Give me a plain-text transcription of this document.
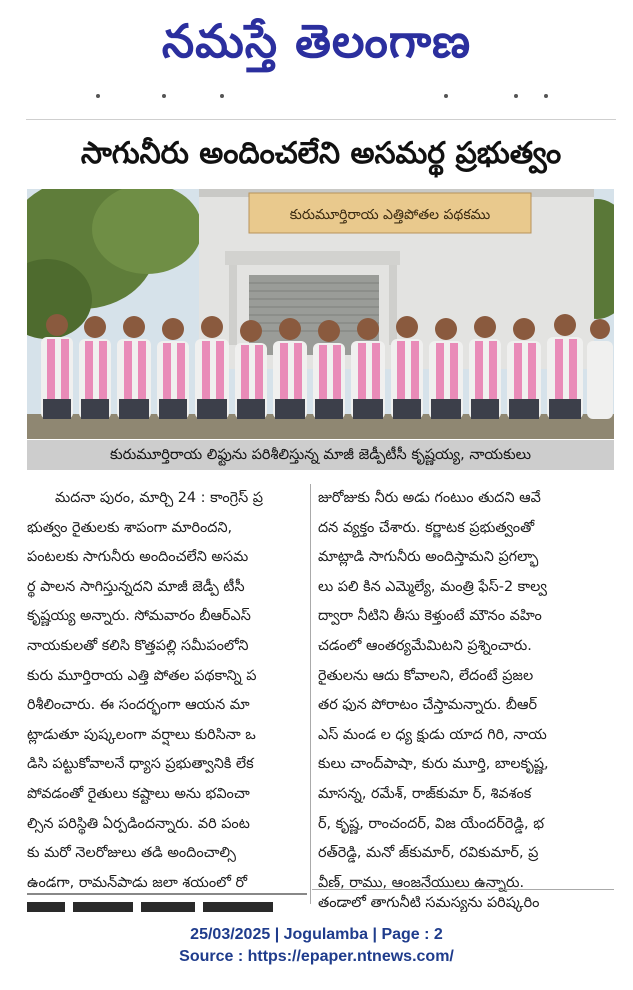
నమస్తే తెలంగాణ
సాగునీరు అందించలేని అసమర్థ ప్రభుత్వం
కురుమూర్తిరాయ ఎత్తిపోతల పథకము
కురుమూర్తిరాయ లిఫ్టును పరిశీలిస్తున్న మాజీ జెడ్పీటీసీ కృష్ణయ్య, నాయకులు
మదనా పురం, మార్చి 24 : కాంగ్రెస్ ప్ర
భుత్వం రైతులకు శాపంగా మారిందని,
పంటలకు సాగునీరు అందించలేని అసమ
ర్థ పాలన సాగిస్తున్నదని మాజీ జెడ్పీ టీసీ
కృష్ణయ్య అన్నారు. సోమవారం బీఆర్ఎస్
నాయకులతో కలిసి కొత్తపల్లి సమీపంలోని
కురు మూర్తిరాయ ఎత్తి పోతల పథకాన్ని ప
రిశీలించారు. ఈ సందర్భంగా ఆయన మా
ట్లాడుతూ పుష్కలంగా వర్షాలు కురిసినా ఒ
డిసి పట్టుకోవాలనే ధ్యాస ప్రభుత్వానికి లేక
పోవడంతో రైతులు కష్టాలు అను భవించా
ల్సిన పరిస్థితి ఏర్పడిందన్నారు. వరి పంట
కు మరో నెలరోజులు తడి అందించాల్సి
ఉండగా, రామన్‌పాడు జలా శయంలో రో
జురోజుకు నీరు అడు గంటుం తుదని ఆవే
దన వ్యక్తం చేశారు. కర్ణాటక ప్రభుత్వంతో
మాట్లాడి సాగునీరు అందిస్తామని ప్రగల్భా
లు పలి కిన ఎమ్మెల్యే, మంత్రి ఫేస్-2 కాల్వ
ద్వారా నీటిని తీసు కెళ్తుంటే మౌనం వహిం
చడంలో ఆంతర్యమేమిటని ప్రశ్నించారు.
రైతులను ఆదు కోవాలని, లేదంటే ప్రజల
తర ఫున పోరాటం చేస్తామన్నారు. బీఆర్
ఎస్ మండ ల ధ్య క్షుడు యాద గిరి, నాయ
కులు చాంద్‌పాషా, కురు మూర్తి, బాలకృష్ణ,
మాసన్న, రమేశ్, రాజ్‌కుమా ర్, శివశంక
ర్, కృష్ణ, రాంచందర్, విజ యేందర్‌రెడ్డి, భ
రత్‌రెడ్డి, మనో జ్‌కుమార్, రవికుమార్, ప్ర
వీణ్, రాము, ఆంజనేయులు ఉన్నారు.
తండాలో తాగునీటి సమస్యను పరిష్కరిం
25/03/2025 | Jogulamba | Page : 2
Source : https://epaper.ntnews.com/
